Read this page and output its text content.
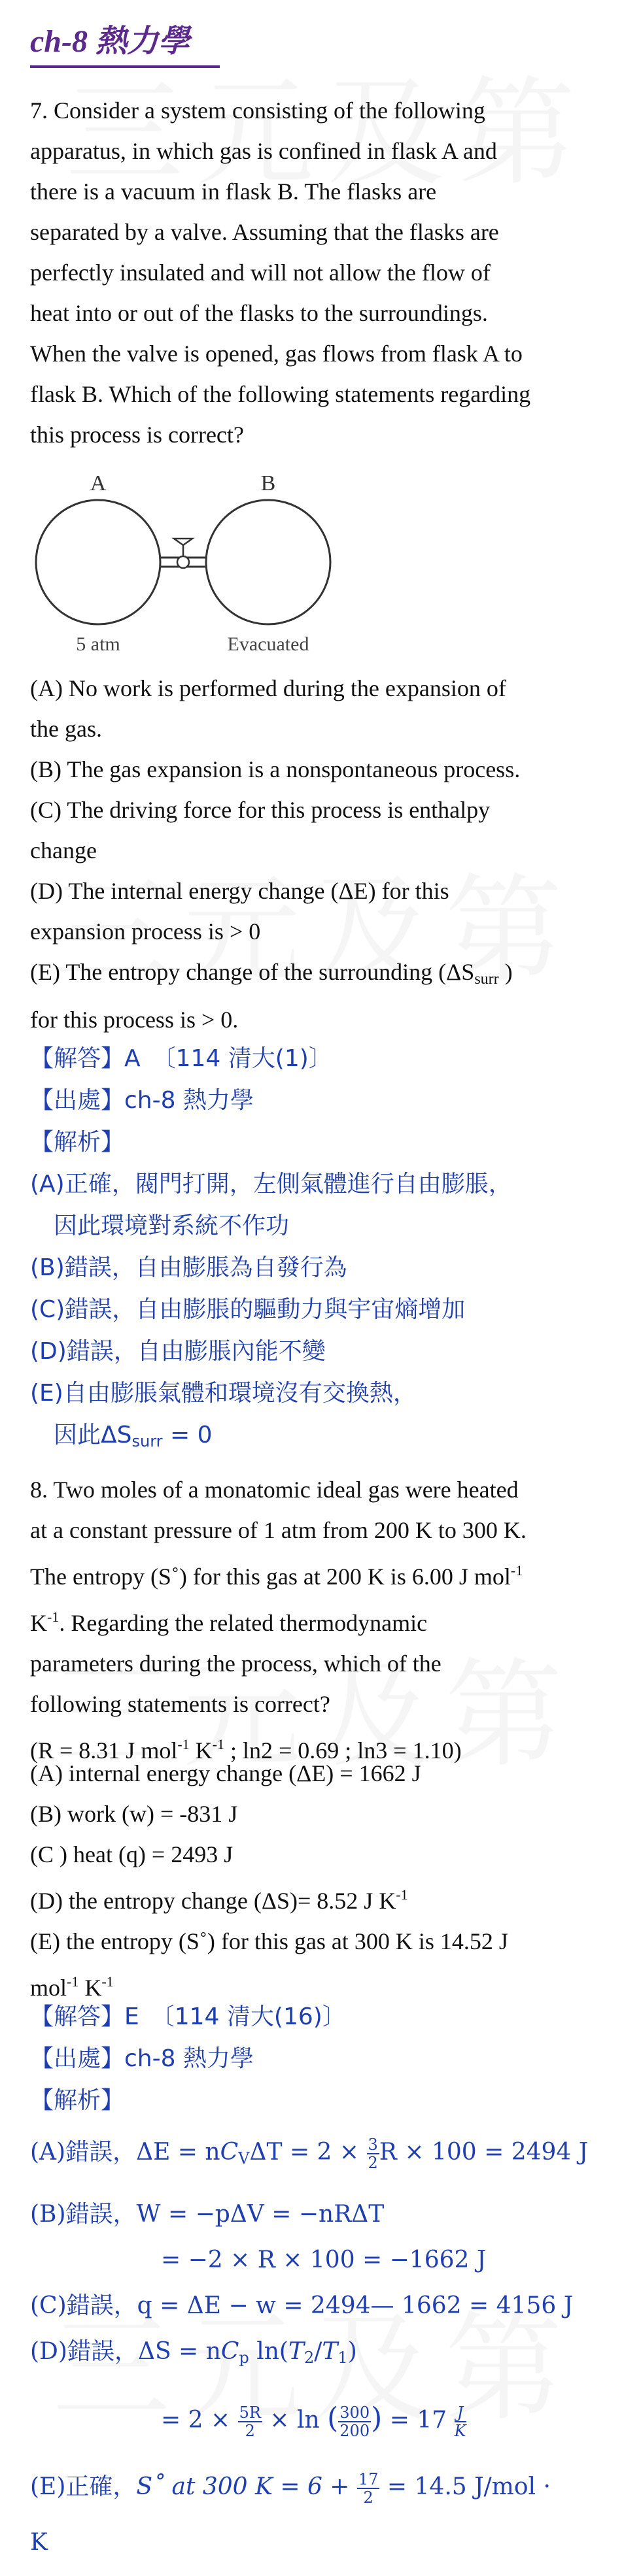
ch-8 熱力學

7. Consider a system consisting of the following

apparatus, in which gas is confined in flask A and

there is a vacuum in flask B. The flasks are

separated by a valve. Assuming that the flasks are

perfectly insulated and will not allow the flow of

heat into or out of the flasks to the surroundings.

When the valve is opened, gas flows from flask A to

flask B. Which of the following statements regarding

this process is correct?

A	B
5 atm	Evacuated

(A) No work is performed during the expansion of

the gas.

(B) The gas expansion is a nonspontaneous process.

(C) The driving force for this process is enthalpy

change

(D) The internal energy change (ΔE) for this

expansion process is > 0

(E) The entropy change of the surrounding ($\Delta S_{surr}$ )

for this process is > 0.

【解答】A　〔114 清大(1)〕

【出處】ch-8 熱力學

【解析】

(A)正確，閥門打開，左側氣體進行自由膨脹，

　因此環境對系統不作功

(B)錯誤，自由膨脹為自發行為

(C)錯誤，自由膨脹的驅動力與宇宙熵增加

(D)錯誤，自由膨脹內能不變

(E)自由膨脹氣體和環境沒有交換熱，

　因此$\Delta S_{surr} = 0$

8. Two moles of a monatomic ideal gas were heated

at a constant pressure of 1 atm from 200 K to 300 K.

The entropy (S˚) for this gas at 200 K is 6.00 J mol$^{-1}$

$K^{-1}$. Regarding the related thermodynamic

parameters during the process, which of the

following statements is correct?

(R = 8.31 J mol$^{-1}$ $K^{-1}$ ; ln2 = 0.69 ; ln3 = 1.10)

(A) internal energy change (ΔE) = 1662 J

(B) work (w) = -831 J

(C ) heat (q) = 2493 J

(D) the entropy change (ΔS)= 8.52 J $K^{-1}$

(E) the entropy (S˚) for this gas at 300 K is 14.52 J

mol$^{-1}$ $K^{-1}$

【解答】E　〔114 清大(16)〕

【出處】ch-8 熱力學

【解析】

(A)錯誤，$\Delta E = nC_V\Delta T = 2 \times \frac{3}{2}$ R × 100 = 2494 J

(B)錯誤，W = −pΔV = −nRΔT

= −2 × R × 100 = −1662 J

(C)錯誤，q = ΔE − w = 2494— 1662 = 4156 J

(D)錯誤，$\Delta S = nC_p$ $\ln(T_2/T_1)$

= $2 \times \frac{5R}{2} \times \ln$ ( $\frac{300}{200}$ ) = $17 \frac{J}{K}$

(E)正確，S˚ at 300 $K = 6 + \frac{17}{2} = 14.5$ J/mol ·

K
